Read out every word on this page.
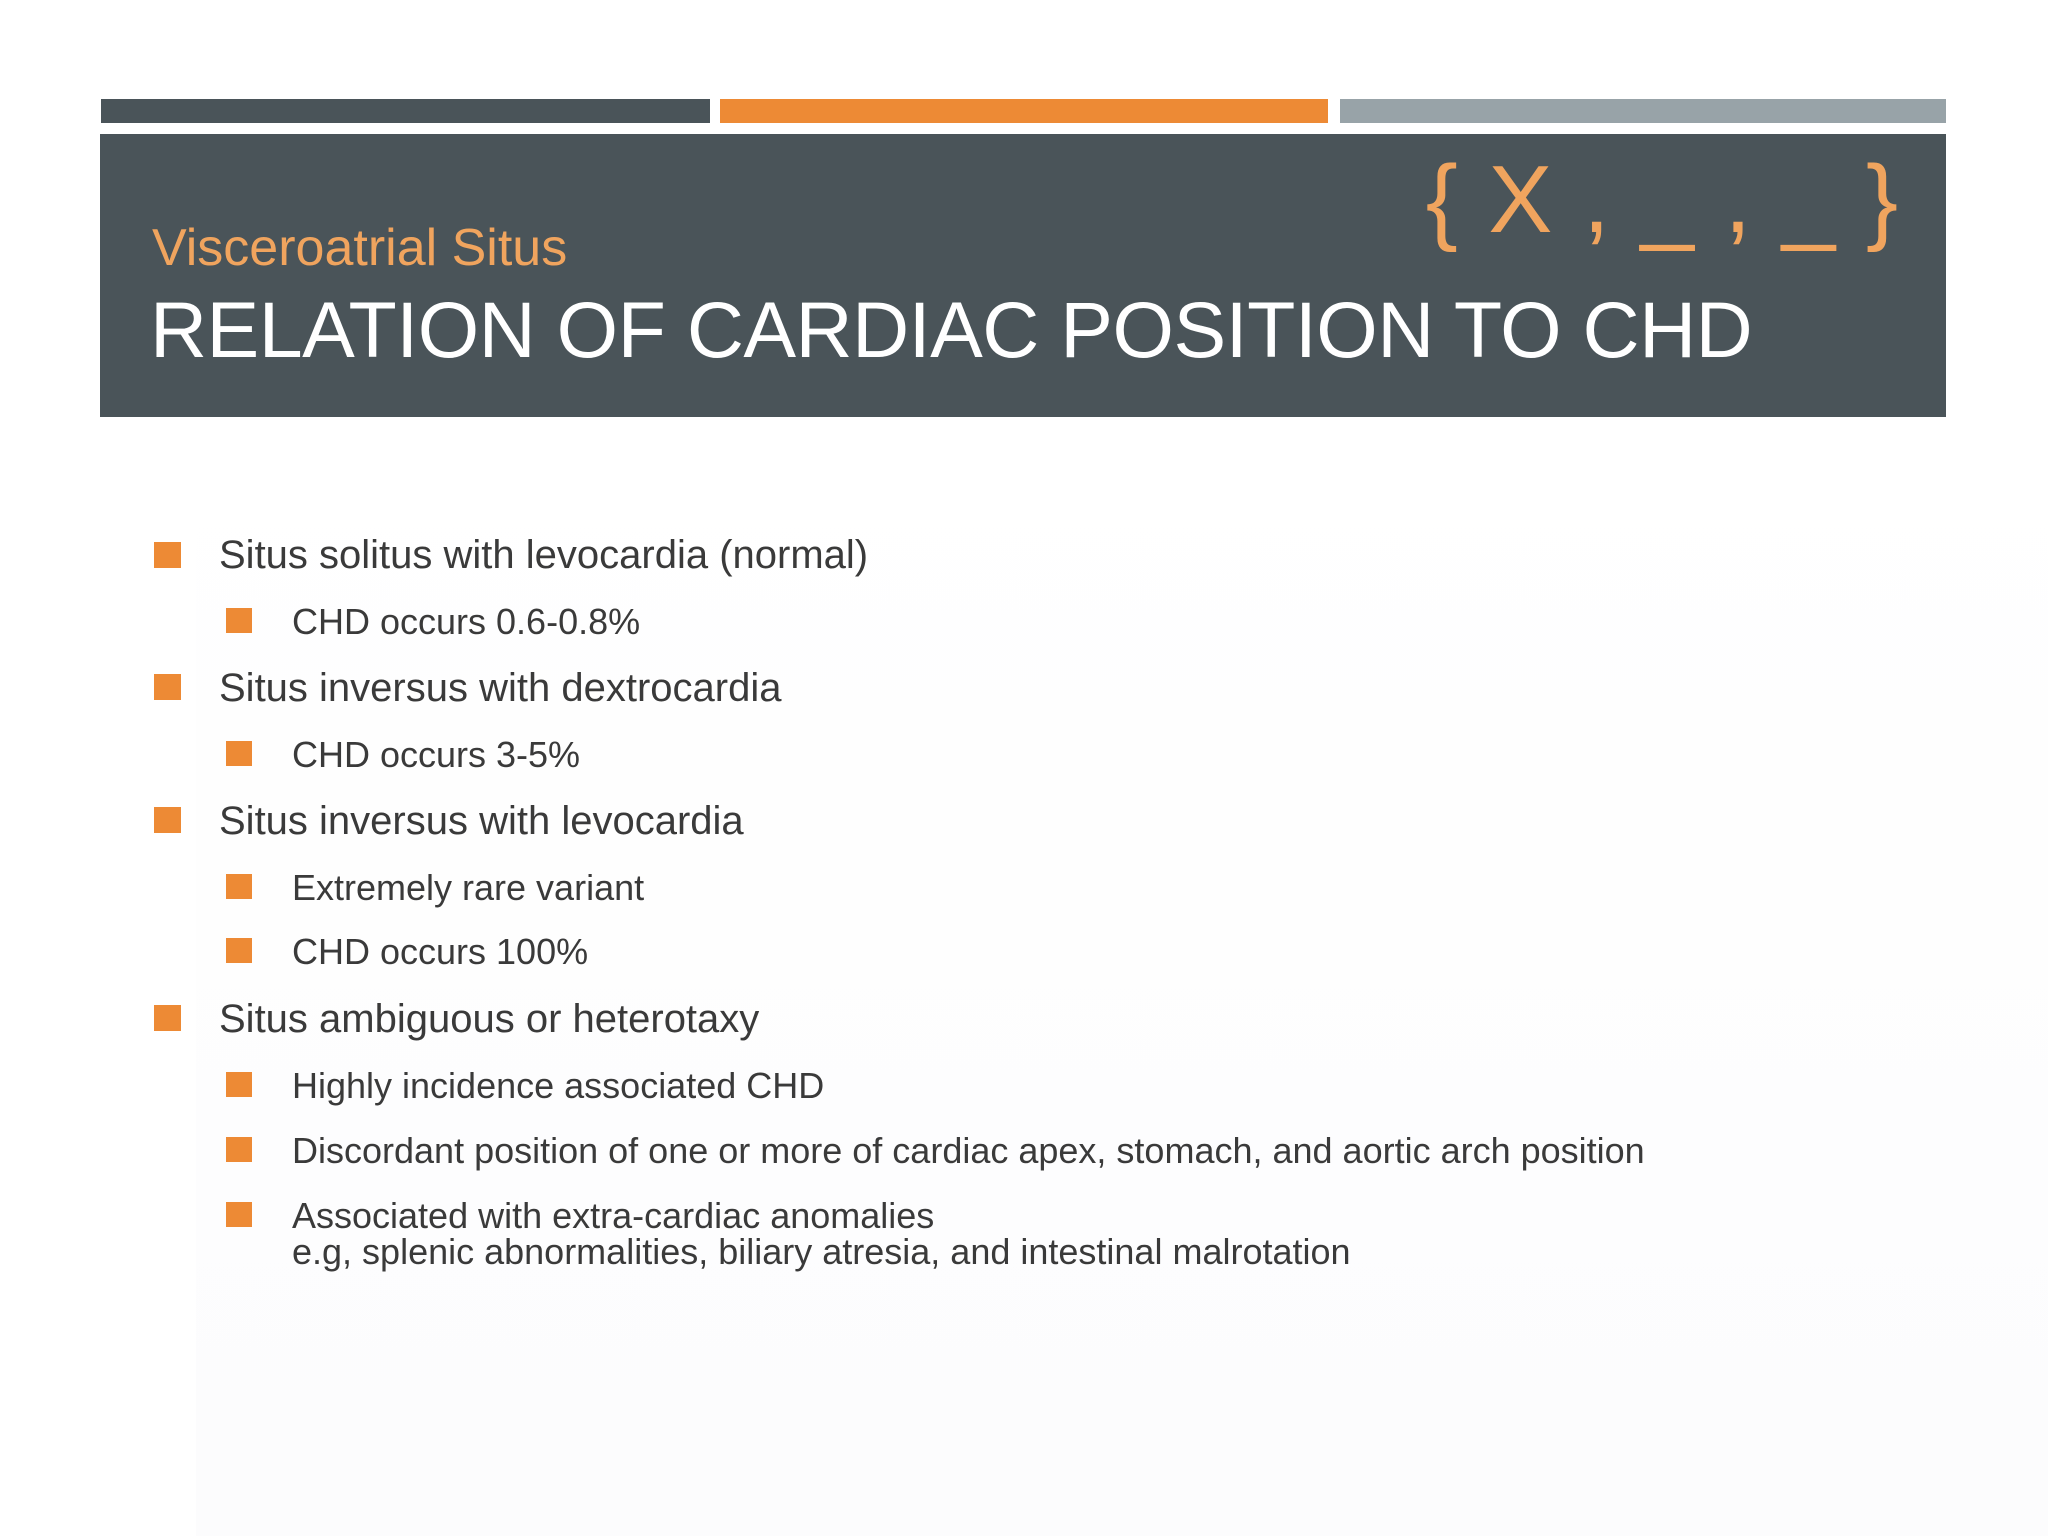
{ X , _ , _ }
Visceroatrial Situs
RELATION OF CARDIAC POSITION TO CHD
Situs solitus with levocardia (normal)
CHD occurs 0.6-0.8%
Situs inversus with dextrocardia
CHD occurs 3-5%
Situs inversus with levocardia
Extremely rare variant
CHD occurs 100%
Situs ambiguous or heterotaxy
Highly incidence associated CHD
Discordant position of one or more of cardiac apex, stomach, and aortic arch position
Associated with extra-cardiac anomalies
e.g, splenic abnormalities, biliary atresia, and intestinal malrotation
